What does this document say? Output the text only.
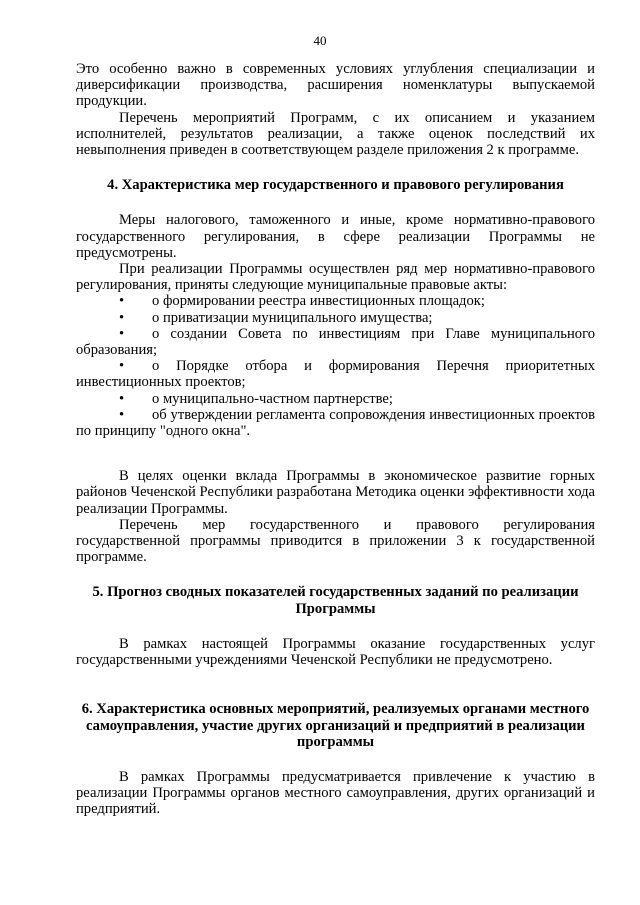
40

Это особенно важно в современных условиях углубления специализации и диверсификации производства, расширения номенклатуры выпускаемой продукции.

Перечень мероприятий Программ, с их описанием и указанием исполнителей, результатов реализации, а также оценок последствий их невыполнения приведен в соответствующем разделе приложения 2 к программе.

4. Характеристика мер государственного и правового регулирования

Меры налогового, таможенного и иные, кроме нормативно-правового государственного регулирования, в сфере реализации Программы не предусмотрены.

При реализации Программы осуществлен ряд мер нормативно-правового регулирования, приняты следующие муниципальные правовые акты:

• о формировании реестра инвестиционных площадок;

• о приватизации муниципального имущества;

• о создании Совета по инвестициям при Главе муниципального образования;

• о Порядке отбора и формирования Перечня приоритетных инвестиционных проектов;

• о муниципально-частном партнерстве;

• об утверждении регламента сопровождения инвестиционных проектов по принципу "одного окна".

В целях оценки вклада Программы в экономическое развитие горных районов Чеченской Республики разработана Методика оценки эффективности хода реализации Программы.

Перечень мер государственного и правового регулирования государственной программы приводится в приложении 3 к государственной программе.

5. Прогноз сводных показателей государственных заданий по реализации Программы

В рамках настоящей Программы оказание государственных услуг государственными учреждениями Чеченской Республики не предусмотрено.

6. Характеристика основных мероприятий, реализуемых органами местного самоуправления, участие других организаций и предприятий в реализации программы

В рамках Программы предусматривается привлечение к участию в реализации Программы органов местного самоуправления, других организаций и предприятий.
